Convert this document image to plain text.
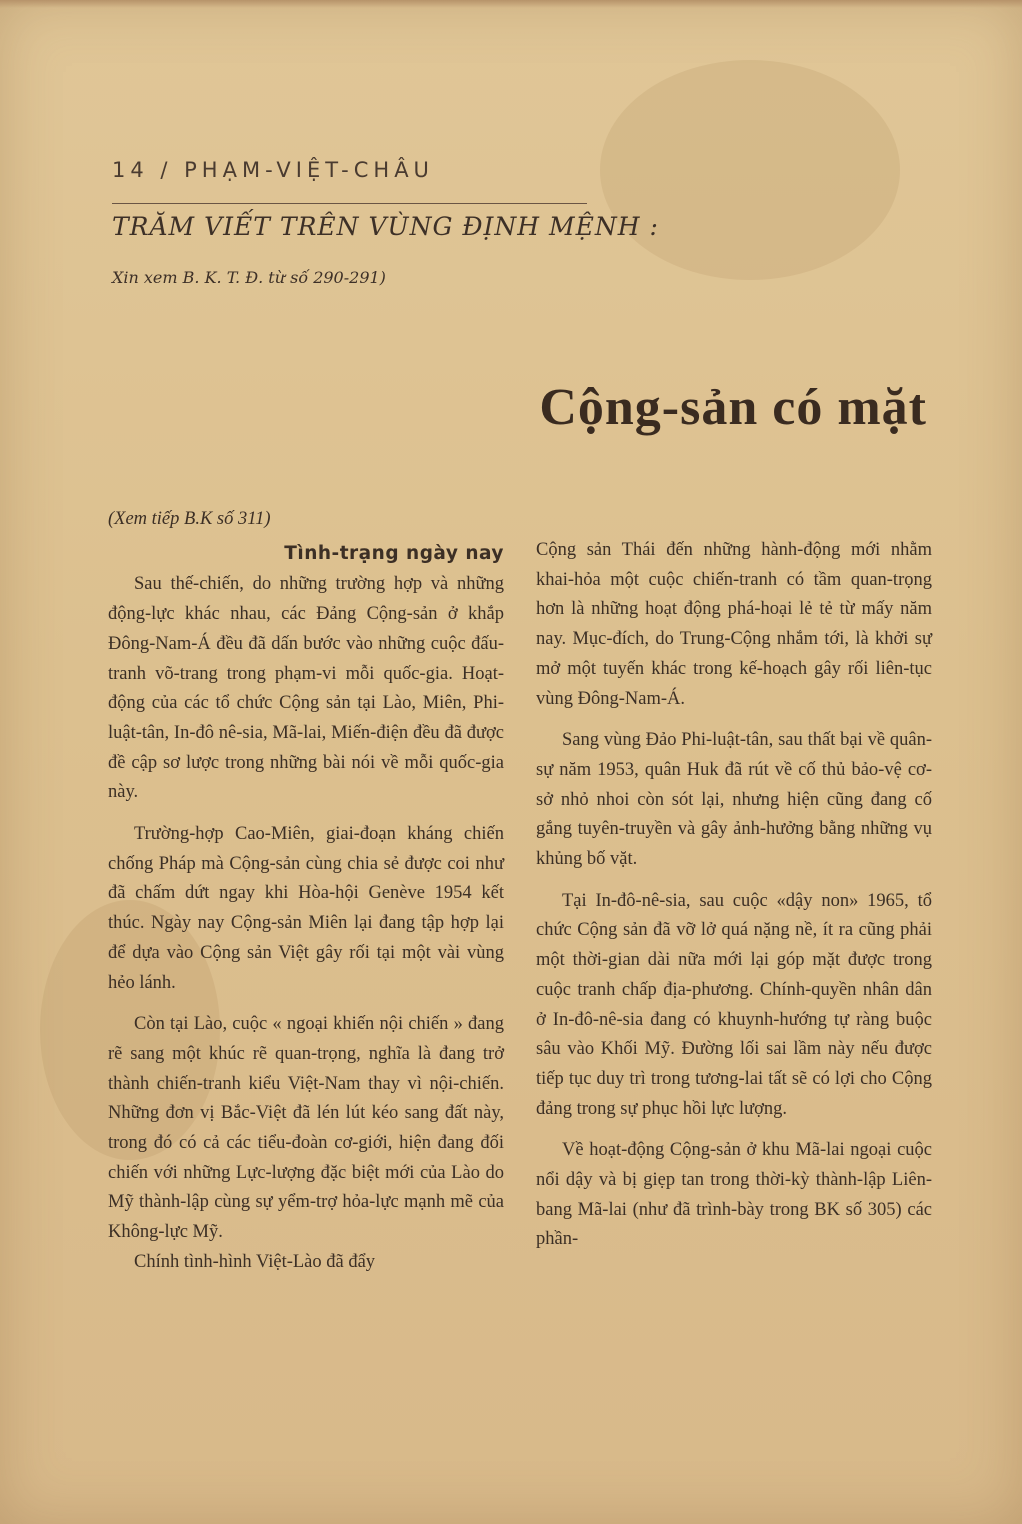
14 / PHẠM-VIỆT-CHÂU
TRĂM VIẾT TRÊN VÙNG ĐỊNH MỆNH :
Xin xem B. K. T. Đ. từ số 290-291)
Cộng-sản có mặt

(Xem tiếp B.K số 311)

Tình-trạng ngày nay

Sau thế-chiến, do những trường hợp và những động-lực khác nhau, các Đảng Cộng-sản ở khắp Đông-Nam-Á đều đã dấn bước vào những cuộc đấu-tranh võ-trang trong phạm-vi mỗi quốc-gia. Hoạt-động của các tổ chức Cộng sản tại Lào, Miên, Phi-luật-tân, In-đô nê-sia, Mã-lai, Miến-điện đều đã được đề cập sơ lược trong những bài nói về mỗi quốc-gia này.

Trường-hợp Cao-Miên, giai-đoạn kháng chiến chống Pháp mà Cộng-sản cùng chia sẻ được coi như đã chấm dứt ngay khi Hòa-hội Genève 1954 kết thúc. Ngày nay Cộng-sản Miên lại đang tập hợp lại để dựa vào Cộng sản Việt gây rối tại một vài vùng hẻo lánh.

Còn tại Lào, cuộc « ngoại khiến nội chiến » đang rẽ sang một khúc rẽ quan-trọng, nghĩa là đang trở thành chiến-tranh kiểu Việt-Nam thay vì nội-chiến. Những đơn vị Bắc-Việt đã lén lút kéo sang đất này, trong đó có cả các tiểu-đoàn cơ-giới, hiện đang đối chiến với những Lực-lượng đặc biệt mới của Lào do Mỹ thành-lập cùng sự yểm-trợ hỏa-lực mạnh mẽ của Không-lực Mỹ.

Chính tình-hình Việt-Lào đã đẩy

Cộng sản Thái đến những hành-động mới nhằm khai-hỏa một cuộc chiến-tranh có tầm quan-trọng hơn là những hoạt động phá-hoại lẻ tẻ từ mấy năm nay. Mục-đích, do Trung-Cộng nhắm tới, là khởi sự mở một tuyến khác trong kế-hoạch gây rối liên-tục vùng Đông-Nam-Á.

Sang vùng Đảo Phi-luật-tân, sau thất bại về quân-sự năm 1953, quân Huk đã rút về cố thủ bảo-vệ cơ-sở nhỏ nhoi còn sót lại, nhưng hiện cũng đang cố gắng tuyên-truyền và gây ảnh-hưởng bằng những vụ khủng bố vặt.

Tại In-đô-nê-sia, sau cuộc «dậy non» 1965, tổ chức Cộng sản đã vỡ lở quá nặng nề, ít ra cũng phải một thời-gian dài nữa mới lại góp mặt được trong cuộc tranh chấp địa-phương. Chính-quyền nhân dân ở In-đô-nê-sia đang có khuynh-hướng tự ràng buộc sâu vào Khối Mỹ. Đường lối sai lầm này nếu được tiếp tục duy trì trong tương-lai tất sẽ có lợi cho Cộng đảng trong sự phục hồi lực lượng.

Về hoạt-động Cộng-sản ở khu Mã-lai ngoại cuộc nổi dậy và bị giẹp tan trong thời-kỳ thành-lập Liên-bang Mã-lai (như đã trình-bày trong BK số 305) các phần-
